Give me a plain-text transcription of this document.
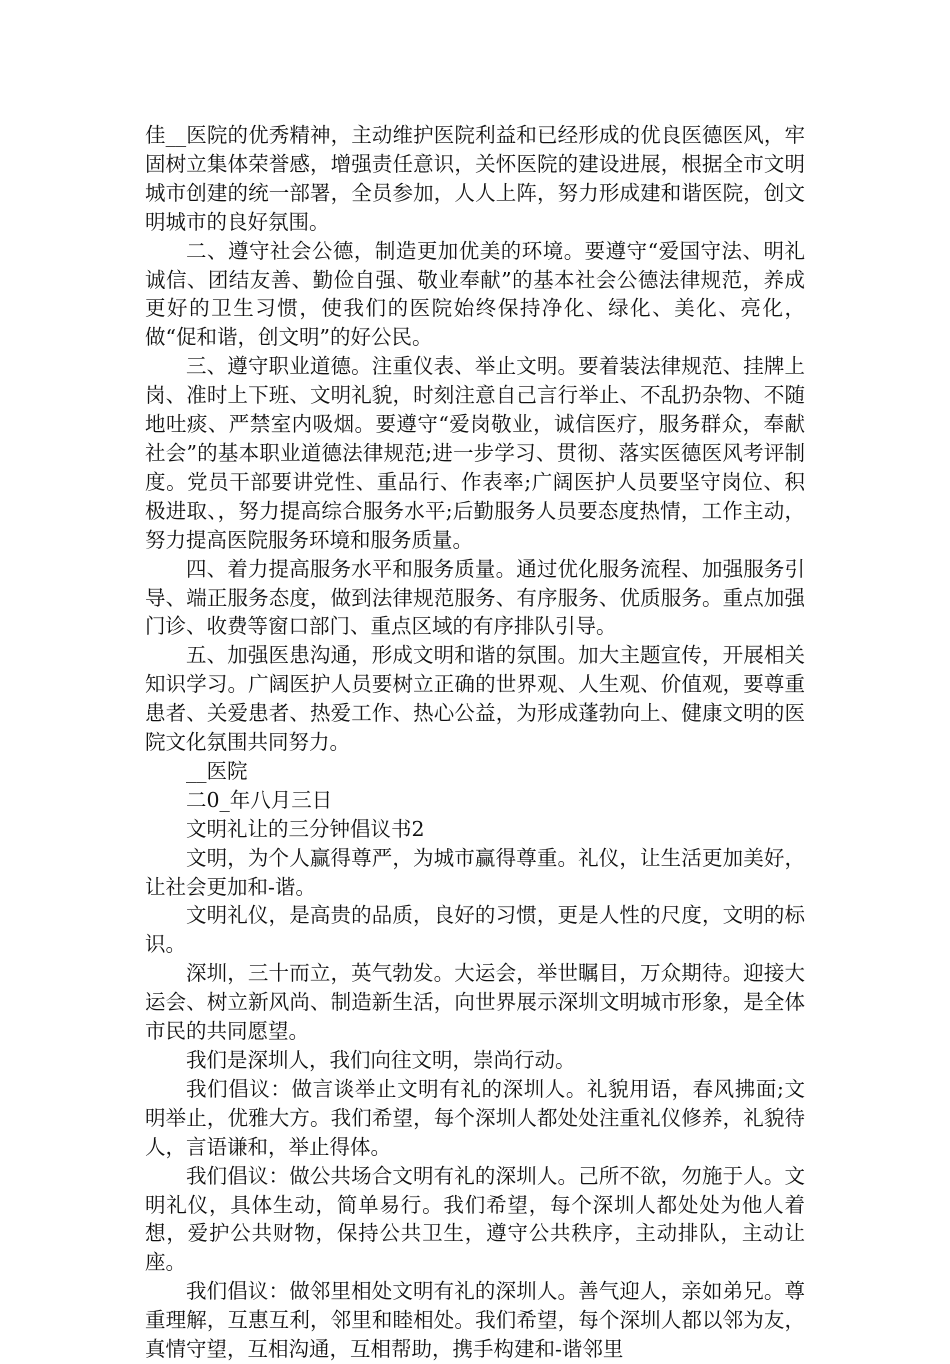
佳__医院的优秀精神，主动维护医院利益和已经形成的优良医德医风，牢固树立集体荣誉感，增强责任意识，关怀医院的建设进展，根据全市文明城市创建的统一部署，全员参加，人人上阵，努力形成建和谐医院，创文明城市的良好氛围。

二、遵守社会公德，制造更加优美的环境。要遵守“爱国守法、明礼诚信、团结友善、勤俭自强、敬业奉献”的基本社会公德法律规范，养成更好的卫生习惯，使我们的医院始终保持净化、绿化、美化、亮化，做“促和谐，创文明”的好公民。

三、遵守职业道德。注重仪表、举止文明。要着装法律规范、挂牌上岗、准时上下班、文明礼貌，时刻注意自己言行举止、不乱扔杂物、不随地吐痰、严禁室内吸烟。要遵守“爱岗敬业，诚信医疗，服务群众，奉献社会”的基本职业道德法律规范;进一步学习、贯彻、落实医德医风考评制度。党员干部要讲党性、重品行、作表率;广阔医护人员要坚守岗位、积极进取、，努力提高综合服务水平;后勤服务人员要态度热情，工作主动，努力提高医院服务环境和服务质量。

四、着力提高服务水平和服务质量。通过优化服务流程、加强服务引导、端正服务态度，做到法律规范服务、有序服务、优质服务。重点加强门诊、收费等窗口部门、重点区域的有序排队引导。

五、加强医患沟通，形成文明和谐的氛围。加大主题宣传，开展相关知识学习。广阔医护人员要树立正确的世界观、人生观、价值观，要尊重患者、关爱患者、热爱工作、热心公益，为形成蓬勃向上、健康文明的医院文化氛围共同努力。

__医院

二0_年八月三日

文明礼让的三分钟倡议书2

文明，为个人赢得尊严，为城市赢得尊重。礼仪，让生活更加美好，让社会更加和-谐。

文明礼仪，是高贵的品质，良好的习惯，更是人性的尺度，文明的标识。

深圳，三十而立，英气勃发。大运会，举世瞩目，万众期待。迎接大运会、树立新风尚、制造新生活，向世界展示深圳文明城市形象，是全体市民的共同愿望。

我们是深圳人，我们向往文明，崇尚行动。

我们倡议：做言谈举止文明有礼的深圳人。礼貌用语，春风拂面;文明举止，优雅大方。我们希望，每个深圳人都处处注重礼仪修养，礼貌待人，言语谦和，举止得体。

我们倡议：做公共场合文明有礼的深圳人。己所不欲，勿施于人。文明礼仪，具体生动，简单易行。我们希望，每个深圳人都处处为他人着想，爱护公共财物，保持公共卫生，遵守公共秩序，主动排队，主动让座。

我们倡议：做邻里相处文明有礼的深圳人。善气迎人，亲如弟兄。尊重理解，互惠互利，邻里和睦相处。我们希望，每个深圳人都以邻为友，真情守望，互相沟通，互相帮助，携手构建和-谐邻里
